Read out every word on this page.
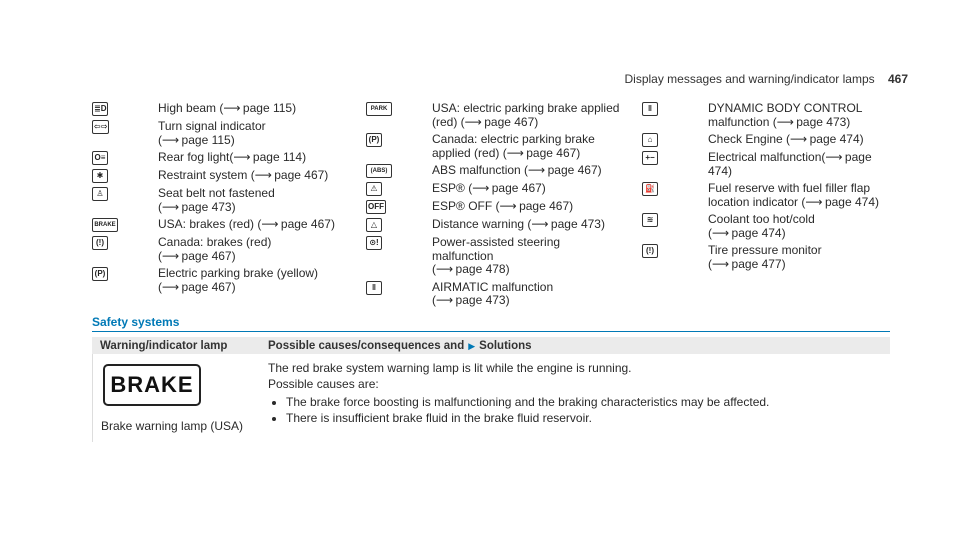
Display messages and warning/indicator lamps 467
≣D	High beam (⟶ page 115)
⇦⇨	Turn signal indicator
(⟶ page 115)
O≡	Rear fog light(⟶ page 114)
✱	Restraint system (⟶ page 467)
♙	Seat belt not fastened
(⟶ page 473)
BRAKE	USA: brakes (red) (⟶ page 467)
(!)	Canada: brakes (red)
(⟶ page 467)
(P)	Electric parking brake (yellow)
(⟶ page 467)
PARK	USA: electric parking brake applied (red) (⟶ page 467)
(P)	Canada: electric parking brake applied (red) (⟶ page 467)
(ABS)	ABS malfunction (⟶ page 467)
⚠	ESP® (⟶ page 467)
OFF	ESP® OFF (⟶ page 467)
△	Distance warning (⟶ page 473)
⊙!	Power-assisted steering malfunction
(⟶ page 478)
ǁ	AIRMATIC malfunction
(⟶ page 473)
ǁ	DYNAMIC BODY CONTROL malfunction (⟶ page 473)
⌂	Check Engine (⟶ page 474)
+−	Electrical malfunction(⟶ page 474)
⛽	Fuel reserve with fuel filler flap location indicator (⟶ page 474)
≋	Coolant too hot/cold
(⟶ page 474)
(!)	Tire pressure monitor
(⟶ page 477)
Safety systems
Warning/indicator lamp	Possible causes/consequences and ▶ Solutions
BRAKE
Brake warning lamp (USA)
The red brake system warning lamp is lit while the engine is running.
Possible causes are:
• The brake force boosting is malfunctioning and the braking characteristics may be affected.
• There is insufficient brake fluid in the brake fluid reservoir.
